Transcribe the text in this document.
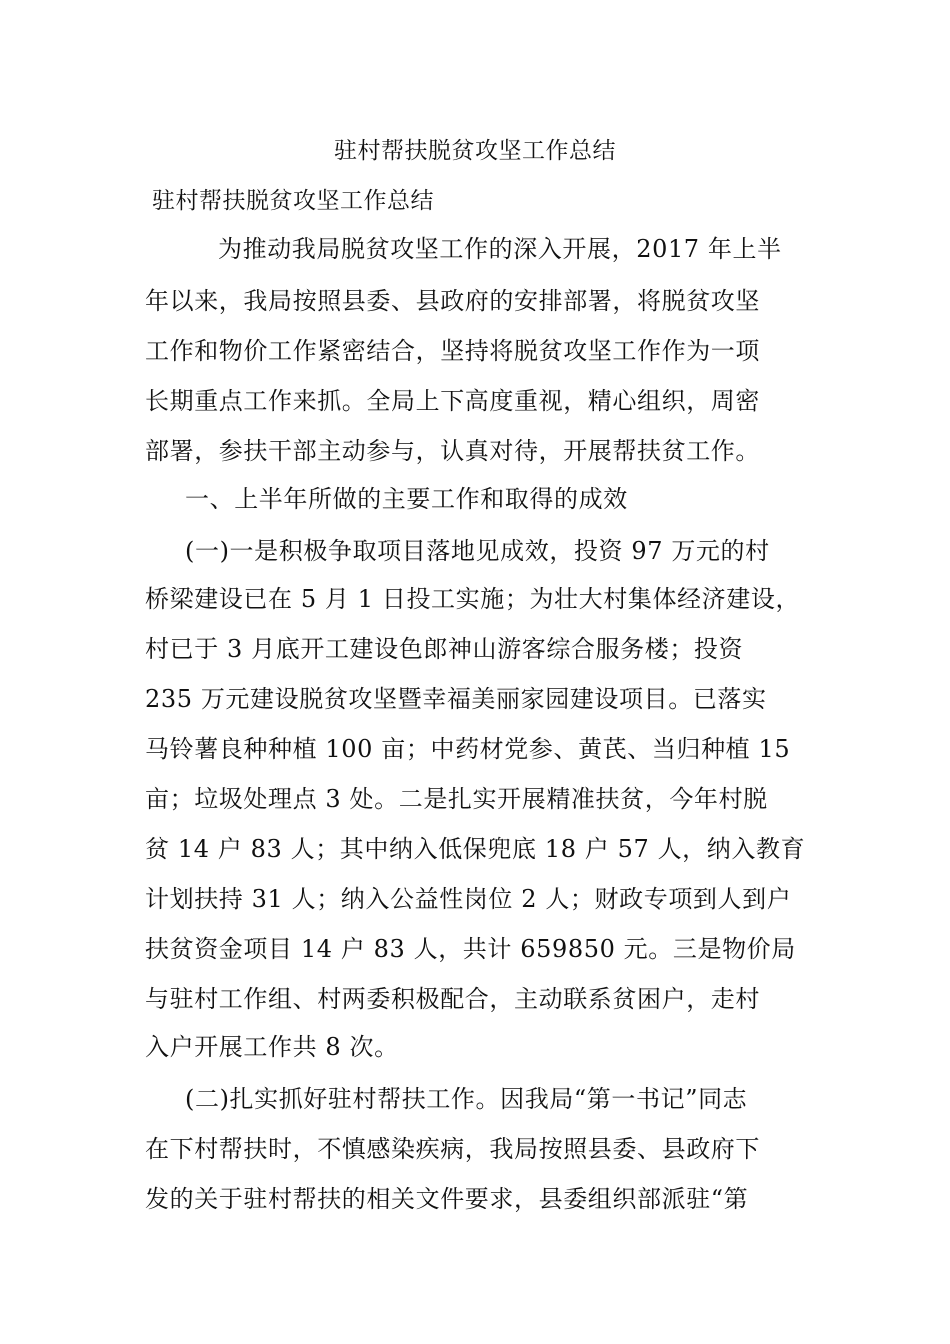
驻村帮扶脱贫攻坚工作总结
驻村帮扶脱贫攻坚工作总结
为推动我局脱贫攻坚工作的深入开展，2017 年上半
年以来，我局按照县委、县政府的安排部署，将脱贫攻坚
工作和物价工作紧密结合，坚持将脱贫攻坚工作作为一项
长期重点工作来抓。全局上下高度重视，精心组织，周密
部署，参扶干部主动参与，认真对待，开展帮扶贫工作。
一、上半年所做的主要工作和取得的成效
(一)一是积极争取项目落地见成效，投资 97 万元的村
桥梁建设已在 5 月 1 日投工实施；为壮大村集体经济建设，
村已于 3 月底开工建设色郎神山游客综合服务楼；投资
235 万元建设脱贫攻坚暨幸福美丽家园建设项目。已落实
马铃薯良种种植 100 亩；中药材党参、黄芪、当归种植 15
亩；垃圾处理点 3 处。二是扎实开展精准扶贫，今年村脱
贫 14 户 83 人；其中纳入低保兜底 18 户 57 人，纳入教育
计划扶持 31 人；纳入公益性岗位 2 人；财政专项到人到户
扶贫资金项目 14 户 83 人，共计 659850 元。三是物价局
与驻村工作组、村两委积极配合，主动联系贫困户，走村
入户开展工作共 8 次。
(二)扎实抓好驻村帮扶工作。因我局“第一书记”同志
在下村帮扶时，不慎感染疾病，我局按照县委、县政府下
发的关于驻村帮扶的相关文件要求，县委组织部派驻“第
